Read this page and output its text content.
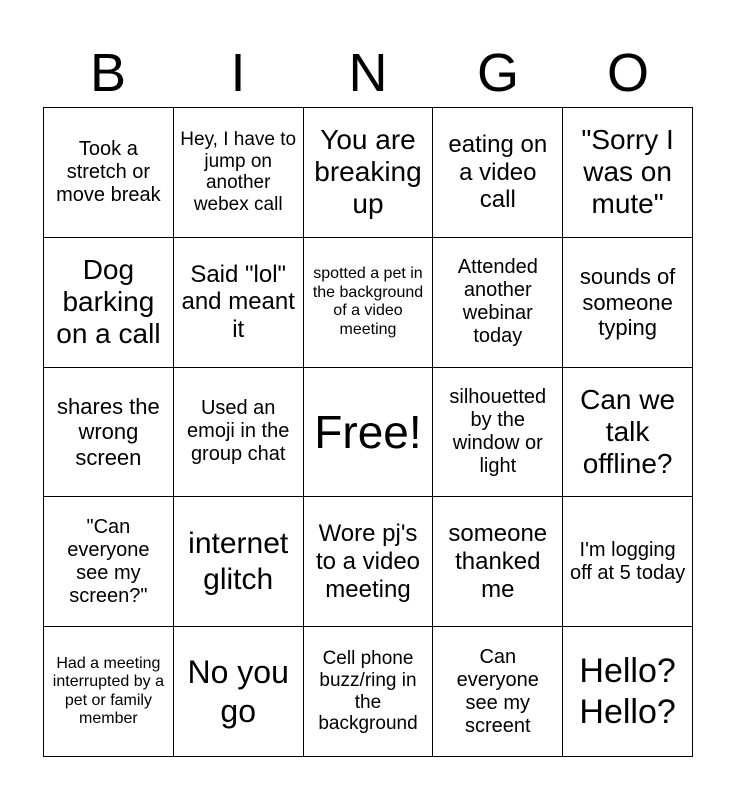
B	I	N	G	O
Took a stretch or move break
Hey, I have to jump on another webex call
You are breaking up
eating on a video call
"Sorry I was on mute"
Dog barking on a call
Said "lol" and meant it
spotted a pet in the background of a video meeting
Attended another webinar today
sounds of someone typing
shares the wrong screen
Used an emoji in the group chat Free!
silhouetted by the window or light
Can we talk offline?
"Can everyone see my screen?"
internet glitch
Wore pj's to a video meeting
someone thanked me
I'm logging off at 5 today
Had a meeting interrupted by a pet or family member
No you go
Cell phone buzz/ring in the background
Can everyone see my screent
Hello? Hello?
